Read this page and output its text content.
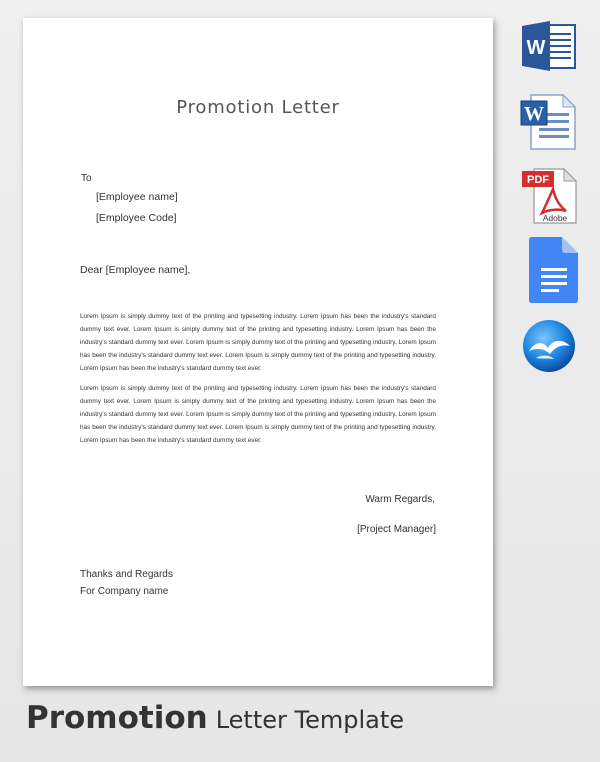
Promotion Letter
To
[Employee name]
[Employee Code]
Dear [Employee name],
Lorem Ipsum is simply dummy text of the printing and typesetting industry. Lorem Ipsum has been the industry's standard dummy text ever. Lorem Ipsum is simply dummy text of the printing and typesetting industry. Lorem Ipsum has been the industry's standard dummy text ever. Lorem Ipsum is simply dummy text of the printing and typesetting industry. Lorem Ipsum has been the industry's standard dummy text ever. Lorem Ipsum is simply dummy text of the printing and typesetting industry. Lorem Ipsum has been the industry's standard dummy text ever.
Lorem Ipsum is simply dummy text of the printing and typesetting industry. Lorem Ipsum has been the industry's standard dummy text ever. Lorem Ipsum is simply dummy text of the printing and typesetting industry. Lorem Ipsum has been the industry's standard dummy text ever. Lorem Ipsum is simply dummy text of the printing and typesetting industry. Lorem Ipsum has been the industry's standard dummy text ever. Lorem Ipsum is simply dummy text of the printing and typesetting industry. Lorem Ipsum has been the industry's standard dummy text ever.
Warm Regards,
[Project Manager]
Thanks and Regards
For Company name
W
W
PDF
Adobe
Promotion Letter Template
